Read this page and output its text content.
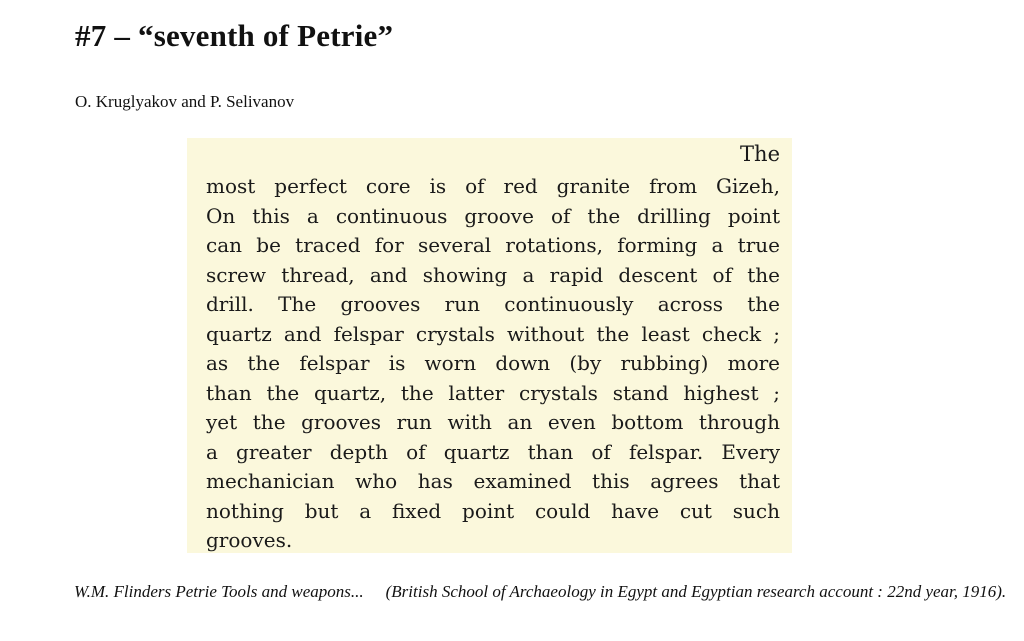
#7 – “seventh of Petrie”

O. Kruglyakov and P. Selivanov

The
most perfect core is of red granite from Gizeh,
On this a continuous groove of the drilling point
can be traced for several rotations, forming a true
screw thread, and showing a rapid descent of the
drill. The grooves run continuously across the
quartz and felspar crystals without the least check ;
as the felspar is worn down (by rubbing) more
than the quartz, the latter crystals stand highest ;
yet the grooves run with an even bottom through
a greater depth of quartz than of felspar. Every
mechanician who has examined this agrees that
nothing but a fixed point could have cut such
grooves.

W.M. Flinders Petrie Tools and weapons... (British School of Archaeology in Egypt and Egyptian research account : 22nd year, 1916).
